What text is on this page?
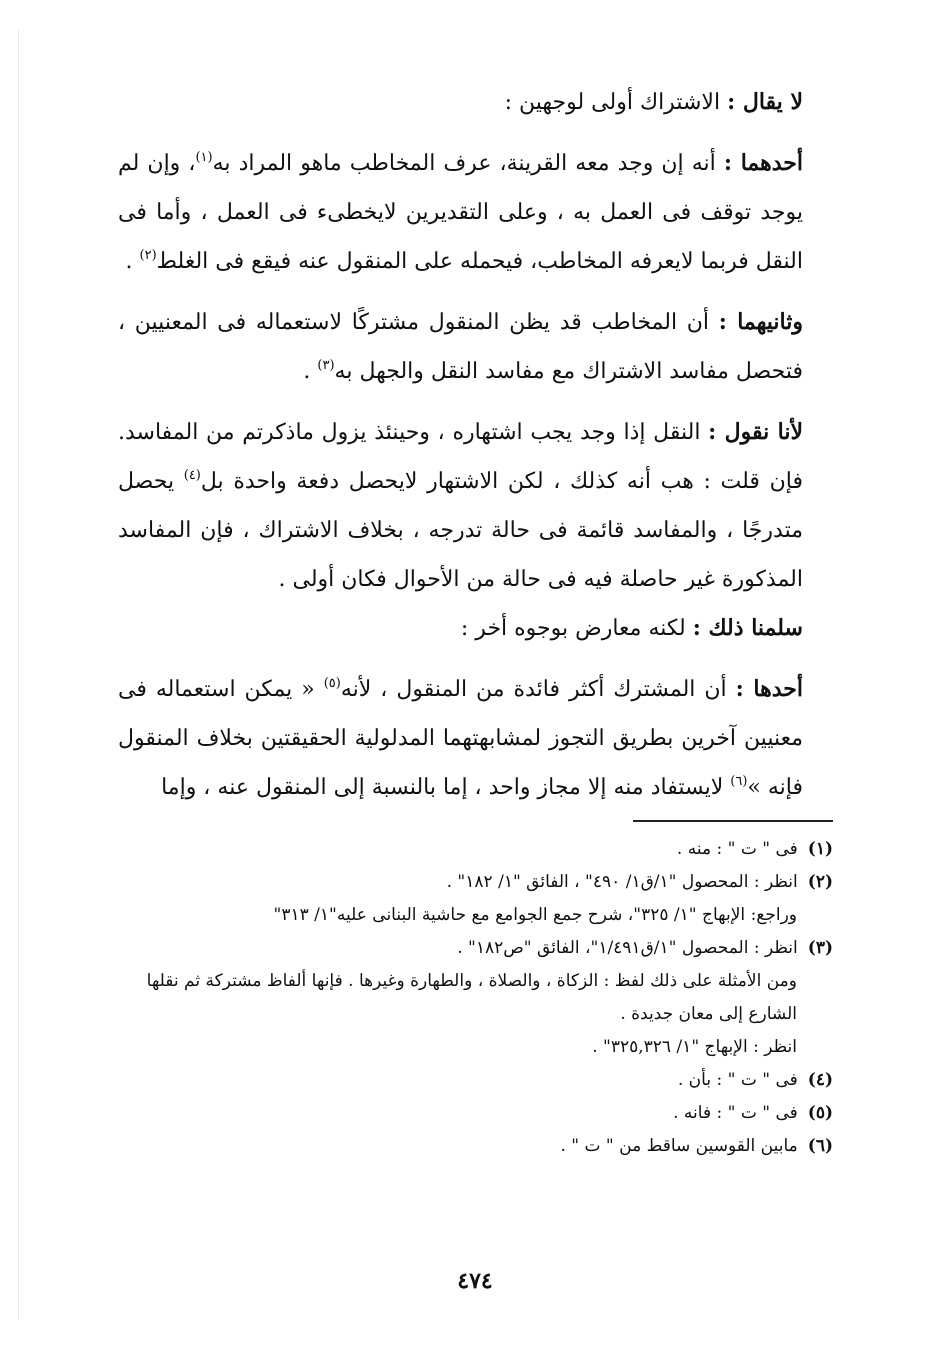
لا يقال : الاشتراك أولى لوجهين :

أحدهما : أنه إن وجد معه القرينة، عرف المخاطب ماهو المراد به$^{(١)}$، وإن لم يوجد توقف فى العمل به ، وعلى التقديرين لايخطىء فى العمل ، وأما فى النقل فربما لايعرفه المخاطب، فيحمله على المنقول عنه فيقع فى الغلط$^{(٢)}$ .

وثانيهما : أن المخاطب قد يظن المنقول مشتركًا لاستعماله فى المعنيين ، فتحصل مفاسد الاشتراك مع مفاسد النقل والجهل به$^{(٣)}$ .

لأنا نقول : النقل إذا وجد يجب اشتهاره ، وحينئذ يزول ماذكرتم من المفاسد. فإن قلت : هب أنه كذلك ، لكن الاشتهار لايحصل دفعة واحدة بل$^{(٤)}$ يحصل متدرجًا ، والمفاسد قائمة فى حالة تدرجه ، بخلاف الاشتراك ، فإن المفاسد المذكورة غير حاصلة فيه فى حالة من الأحوال فكان أولى .

سلمنا ذلك : لكنه معارض بوجوه أخر :

أحدها : أن المشترك أكثر فائدة من المنقول ، لأنه$^{(٥)}$ « يمكن استعماله فى معنيين آخرين بطريق التجوز لمشابهتهما المدلولية الحقيقتين بخلاف المنقول فإنه »$^{(٦)}$ لايستفاد منه إلا مجاز واحد ، إما بالنسبة إلى المنقول عنه ، وإما

(١)فى " ت " : منه .

(٢)انظر : المحصول "١/ق١/ ٤٩٠" ، الفائق "١/ ١٨٢" .

وراجع: الإبهاج "١/ ٣٢٥"، شرح جمع الجوامع مع حاشية البنانى عليه"١/ ٣١٣"

(٣)انظر : المحصول "١/ق١/٤٩١"، الفائق "ص١٨٢" .

ومن الأمثلة على ذلك لفظ : الزكاة ، والصلاة ، والطهارة وغيرها . فإنها ألفاظ مشتركة ثم نقلها الشارع إلى معان جديدة .

انظر : الإبهاج "١/ ٣٢٥,٣٢٦" .

(٤)فى " ت " : بأن .

(٥)فى " ت " : فانه .

(٦)مابين القوسين ساقط من " ت " .

٤٧٤
